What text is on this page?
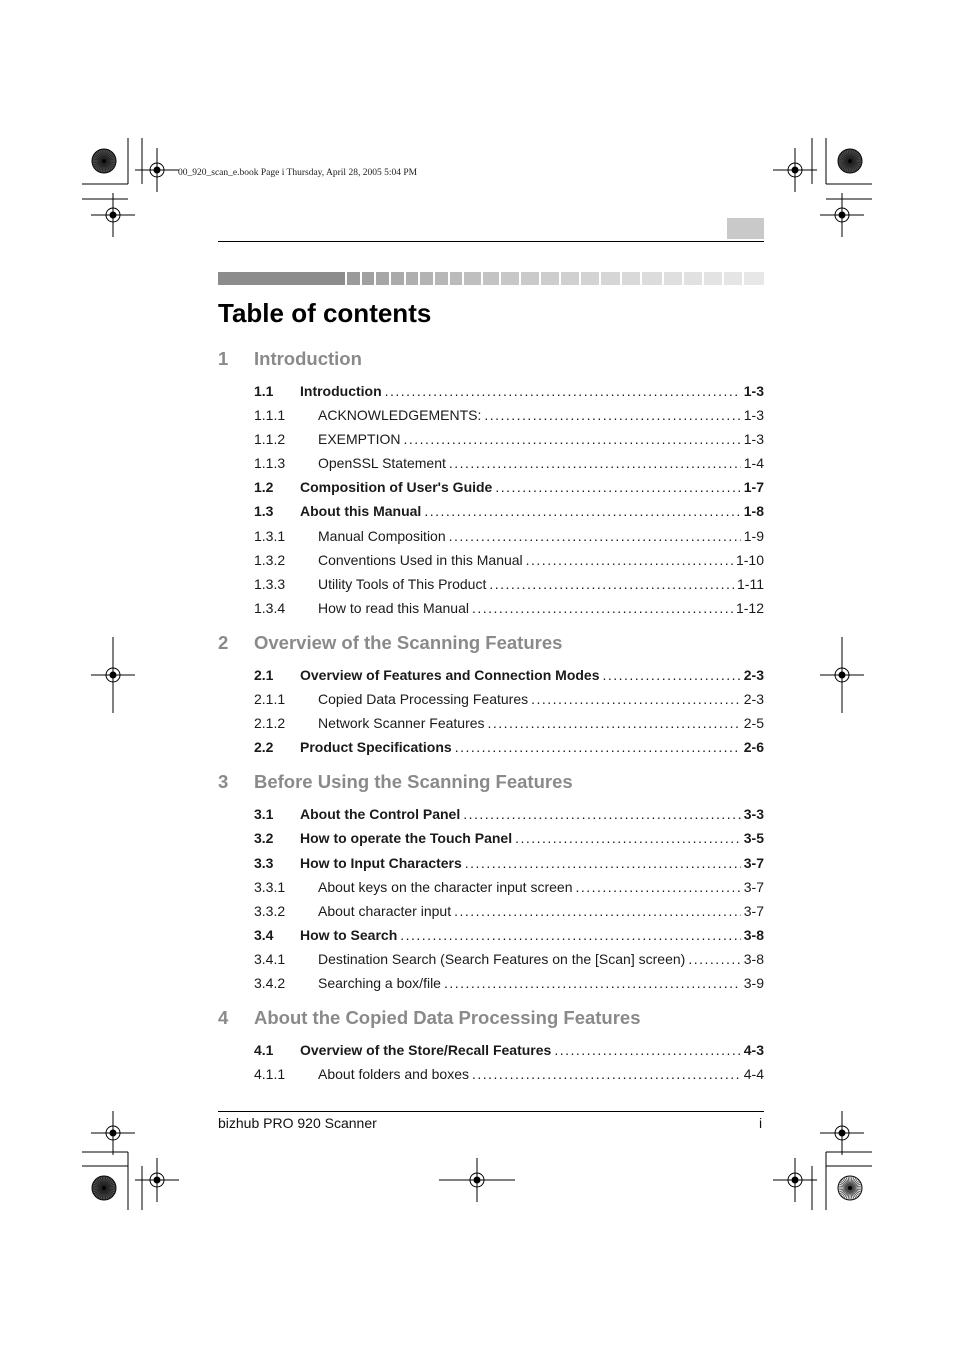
00_920_scan_e.book Page i Thursday, April 28, 2005 5:04 PM
Table of contents
1	Introduction
1.1	Introduction . . .	1-3
1.1.1	ACKNOWLEDGEMENTS: . . .	1-3
1.1.2	EXEMPTION . . .	1-3
1.1.3	OpenSSL Statement . . .	1-4
1.2	Composition of User's Guide . . .	1-7
1.3	About this Manual . . .	1-8
1.3.1	Manual Composition . . .	1-9
1.3.2	Conventions Used in this Manual . . .	1-10
1.3.3	Utility Tools of This Product . . .	1-11
1.3.4	How to read this Manual . . .	1-12
2	Overview of the Scanning Features
2.1	Overview of Features and Connection Modes . . .	2-3
2.1.1	Copied Data Processing Features . . .	2-3
2.1.2	Network Scanner Features . . .	2-5
2.2	Product Specifications . . .	2-6
3	Before Using the Scanning Features
3.1	About the Control Panel . . .	3-3
3.2	How to operate the Touch Panel . . .	3-5
3.3	How to Input Characters . . .	3-7
3.3.1	About keys on the character input screen . . .	3-7
3.3.2	About character input . . .	3-7
3.4	How to Search . . .	3-8
3.4.1	Destination Search (Search Features on the [Scan] screen) . . .	3-8
3.4.2	Searching a box/file . . .	3-9
4	About the Copied Data Processing Features
4.1	Overview of the Store/Recall Features . . .	4-3
4.1.1	About folders and boxes . . .	4-4
bizhub PRO 920 Scanner	i
